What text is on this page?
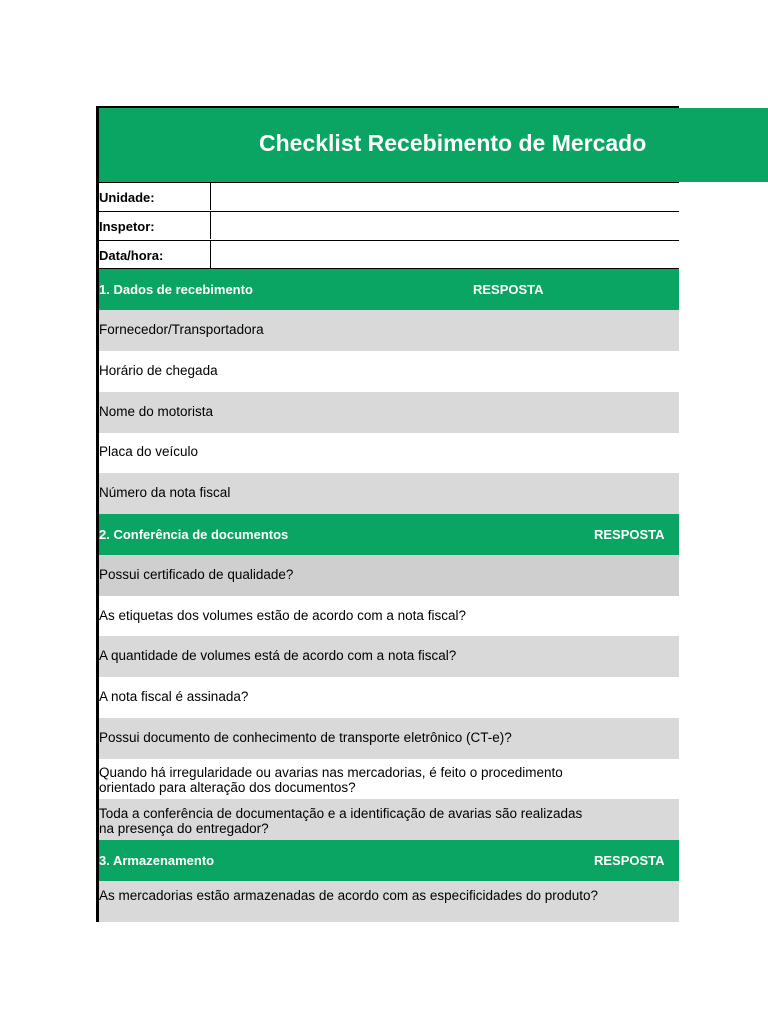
Checklist Recebimento de Mercado
Unidade:
Inspetor:
Data/hora:
1. Dados de recebimento	RESPOSTA
Fornecedor/Transportadora
Horário de chegada
Nome do motorista
Placa do veículo
Número da nota fiscal
2. Conferência de documentos	RESPOSTA
Possui certificado de qualidade?
As etiquetas dos volumes estão de acordo com a nota fiscal?
A quantidade de volumes está de acordo com a nota fiscal?
A nota fiscal é assinada?
Possui documento de conhecimento de transporte eletrônico (CT-e)?
Quando há irregularidade ou avarias nas mercadorias, é feito o procedimento orientado para alteração dos documentos?
Toda a conferência de documentação e a identificação de avarias são realizadas na presença do entregador?
3. Armazenamento	RESPOSTA
As mercadorias estão armazenadas de acordo com as especificidades do produto?
